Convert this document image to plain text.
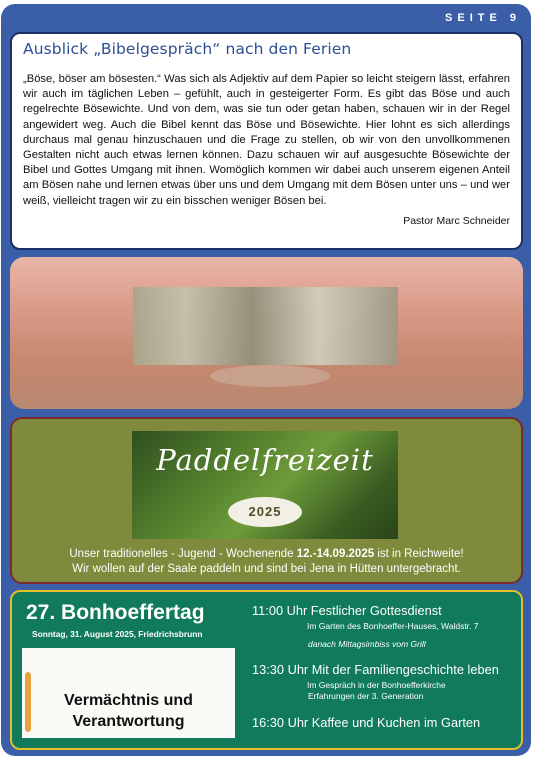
SEITE 9
Ausblick „Bibelgespräch“ nach den Ferien

„Böse, böser am bösesten.“ Was sich als Adjektiv auf dem Papier so leicht steigern lässt, erfahren wir auch im täglichen Leben – gefühlt, auch in gesteigerter Form. Es gibt das Böse und auch regelrechte Bösewichte. Und von dem, was sie tun oder getan haben, schauen wir in der Regel angewidert weg. Auch die Bibel kennt das Böse und Bösewichte. Hier lohnt es sich allerdings durchaus mal genau hinzuschauen und die Frage zu stellen, ob wir von den unvollkommenen Gestalten nicht auch etwas lernen können. Dazu schauen wir auf ausgesuchte Bösewichte der Bibel und Gottes Umgang mit ihnen. Womöglich kommen wir dabei auch unserem eigenen Anteil am Bösen nahe und lernen etwas über uns und dem Umgang mit dem Bösen unter uns – und wer weiß, vielleicht tragen wir zu ein bisschen weniger Bösen bei.

Pastor Marc Schneider
Paddelfreizeit
2025
Unser traditionelles - Jugend - Wochenende 12.-14.09.2025 ist in Reichweite!
Wir wollen auf der Saale paddeln und sind bei Jena in Hütten untergebracht.
27. Bonhoeffertag
Sonntag, 31. August 2025, Friedrichsbrunn

Vermächtnis und
Verantwortung
11:00 Uhr Festlicher Gottesdienst
Im Garten des Bonhoeffer-Hauses, Waldstr. 7
danach Mittagsimbiss vom Grill
13:30 Uhr Mit der Familiengeschichte leben
Im Gespräch in der Bonhoefferkirche
Erfahrungen der 3. Generation
16:30 Uhr Kaffee und Kuchen im Garten
